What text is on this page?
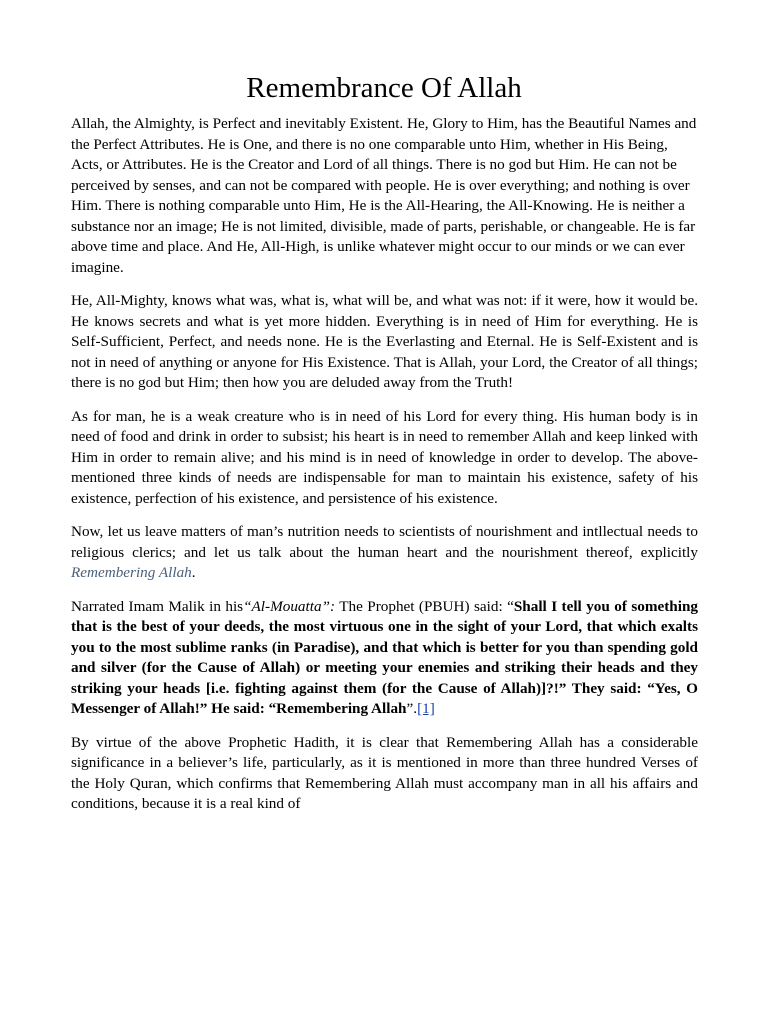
Remembrance Of Allah

Allah, the Almighty, is Perfect and inevitably Existent. He, Glory to Him, has the Beautiful Names and the Perfect Attributes. He is One, and there is no one comparable unto Him, whether in His Being, Acts, or Attributes. He is the Creator and Lord of all things. There is no god but Him. He can not be perceived by senses, and can not be compared with people. He is over everything; and nothing is over Him. There is nothing comparable unto Him, He is the All-Hearing, the All-Knowing. He is neither a substance nor an image; He is not limited, divisible, made of parts, perishable, or changeable. He is far above time and place. And He, All-High, is unlike whatever might occur to our minds or we can ever imagine.

He, All-Mighty, knows what was, what is, what will be, and what was not: if it were, how it would be. He knows secrets and what is yet more hidden. Everything is in need of Him for everything. He is Self-Sufficient, Perfect, and needs none. He is the Everlasting and Eternal. He is Self-Existent and is not in need of anything or anyone for His Existence. That is Allah, your Lord, the Creator of all things; there is no god but Him; then how you are deluded away from the Truth!

As for man, he is a weak creature who is in need of his Lord for every thing. His human body is in need of food and drink in order to subsist; his heart is in need to remember Allah and keep linked with Him in order to remain alive; and his mind is in need of knowledge in order to develop. The above-mentioned three kinds of needs are indispensable for man to maintain his existence, safety of his existence, perfection of his existence, and persistence of his existence.

Now, let us leave matters of man’s nutrition needs to scientists of nourishment and intllectual needs to religious clerics; and let us talk about the human heart and the nourishment thereof, explicitly Remembering Allah.

Narrated Imam Malik in his“Al-Mouatta”: The Prophet (PBUH) said: “Shall I tell you of something that is the best of your deeds, the most virtuous one in the sight of your Lord, that which exalts you to the most sublime ranks (in Paradise), and that which is better for you than spending gold and silver (for the Cause of Allah) or meeting your enemies and striking their heads and they striking your heads [i.e. fighting against them (for the Cause of Allah)]?!” They said: “Yes, O Messenger of Allah!” He said: “Remembering Allah”.[1]

By virtue of the above Prophetic Hadith, it is clear that Remembering Allah has a considerable significance in a believer’s life, particularly, as it is mentioned in more than three hundred Verses of the Holy Quran, which confirms that Remembering Allah must accompany man in all his affairs and conditions, because it is a real kind of
